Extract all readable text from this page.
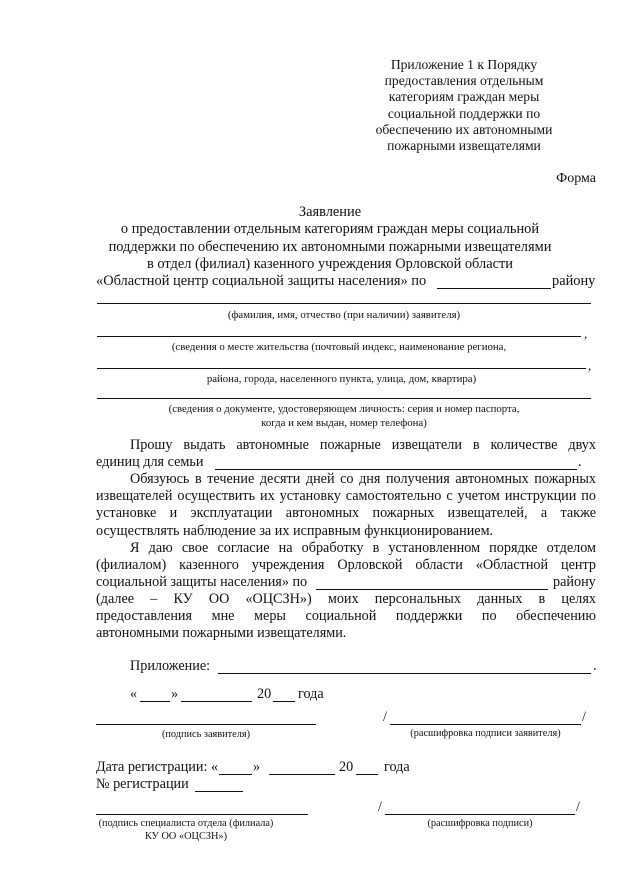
Приложение 1 к Порядку
предоставления отдельным
категориям граждан меры
социальной поддержки по
обеспечению их автономными
пожарными извещателями
Форма
Заявление
о предоставлении отдельным категориям граждан меры социальной
поддержки по обеспечению их автономными пожарными извещателями
в отдел (филиал) казенного учреждения Орловской области
«Областной центр социальной защиты населения» по	району
(фамилия, имя, отчество (при наличии) заявителя)
,
(сведения о месте жительства (почтовый индекс, наименование региона,
,
района, города, населенного пункта, улица, дом, квартира)
(сведения о документе, удостоверяющем личность: серия и номер паспорта,
когда и кем выдан, номер телефона)
Прошу выдать автономные пожарные извещатели в количестве двух
единиц для семьи	.
Обязуюсь в течение десяти дней со дня получения автономных пожарных извещателей осуществить их установку самостоятельно с учетом инструкции по установке и эксплуатации автономных пожарных извещателей, а также осуществлять наблюдение за их исправным функционированием.
Я даю свое согласие на обработку в установленном порядке отделом
(филиалом) казенного учреждения Орловской области «Областной центр
социальной защиты населения» по	району
(далее – КУ ОО «ОЦСЗН») моих персональных данных в целях
предоставления мне меры социальной поддержки по обеспечению
автономными пожарными извещателями.
Приложение:	.
« »	20 года
(подпись заявителя)
/	/
(расшифровка подписи заявителя)
Дата регистрации: « »	20 года
№ регистрации
(подпись специалиста отдела (филиала)
КУ ОО «ОЦСЗН»)
/	/
(расшифровка подписи)
